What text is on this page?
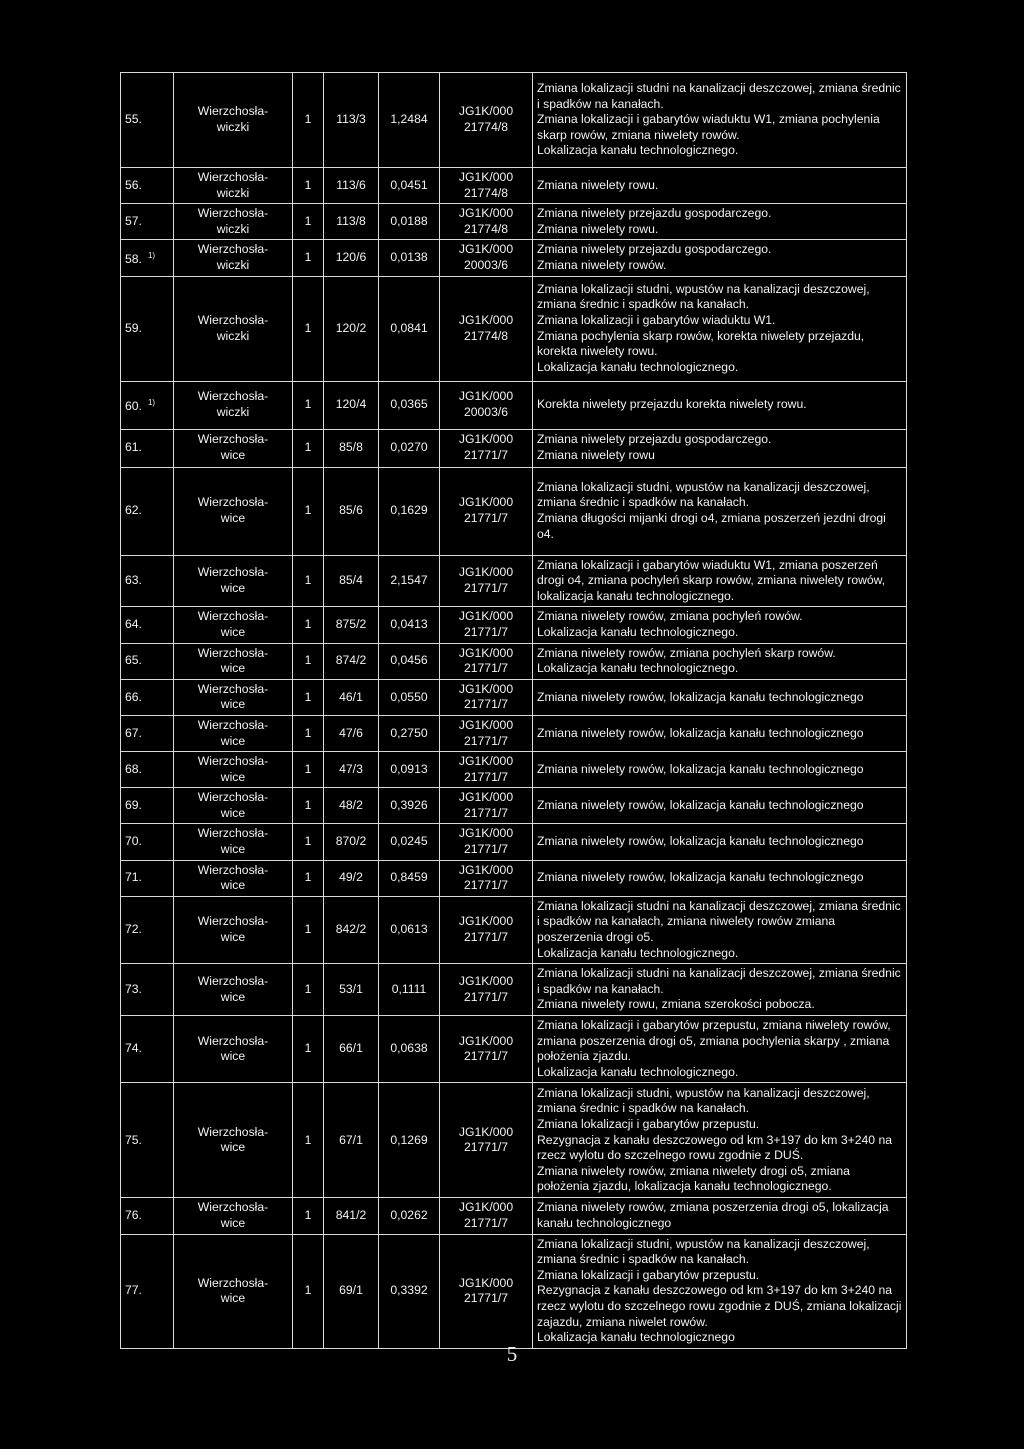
55.	Wierzchosła-
wiczki	1	113/3	1,2484	JG1K/000
21774/8	Zmiana lokalizacji studni na kanalizacji deszczowej, zmiana średnic i spadków na kanałach.
Zmiana lokalizacji i gabarytów wiaduktu W1, zmiana pochylenia skarp rowów, zmiana niwelety rowów.
Lokalizacja kanału technologicznego.

56.	Wierzchosła-
wiczki	1	113/6	0,0451	JG1K/000
21774/8	Zmiana niwelety rowu.

57.	Wierzchosła-
wiczki	1	113/8	0,0188	JG1K/000
21774/8	Zmiana niwelety przejazdu gospodarczego.
Zmiana niwelety rowu.

58. $^{1)}$	Wierzchosła-
wiczki	1	120/6	0,0138	JG1K/000
20003/6	Zmiana niwelety przejazdu gospodarczego.
Zmiana niwelety rowów.

59.	Wierzchosła-
wiczki	1	120/2	0,0841	JG1K/000
21774/8	Zmiana lokalizacji studni, wpustów na kanalizacji deszczowej, zmiana średnic i spadków na kanałach.
Zmiana lokalizacji i gabarytów wiaduktu W1.
Zmiana pochylenia skarp rowów, korekta niwelety przejazdu, korekta niwelety rowu.
Lokalizacja kanału technologicznego.

60. $^{1)}$	Wierzchosła-
wiczki	1	120/4	0,0365	JG1K/000
20003/6	Korekta niwelety przejazdu korekta niwelety rowu.

61.	Wierzchosła-
wice	1	85/8	0,0270	JG1K/000
21771/7	Zmiana niwelety przejazdu gospodarczego.
Zmiana niwelety rowu

62.	Wierzchosła-
wice	1	85/6	0,1629	JG1K/000
21771/7	Zmiana lokalizacji studni, wpustów na kanalizacji deszczowej, zmiana średnic i spadków na kanałach.
Zmiana długości mijanki drogi o4, zmiana poszerzeń jezdni drogi o4.

63.	Wierzchosła-
wice	1	85/4	2,1547	JG1K/000
21771/7	Zmiana lokalizacji i gabarytów wiaduktu W1, zmiana poszerzeń drogi o4, zmiana pochyleń skarp rowów, zmiana niwelety rowów, lokalizacja kanału technologicznego.

64.	Wierzchosła-
wice	1	875/2	0,0413	JG1K/000
21771/7	Zmiana niwelety rowów, zmiana pochyleń rowów.
Lokalizacja kanału technologicznego.

65.	Wierzchosła-
wice	1	874/2	0,0456	JG1K/000
21771/7	Zmiana niwelety rowów, zmiana pochyleń skarp rowów.
Lokalizacja kanału technologicznego.

66.	Wierzchosła-
wice	1	46/1	0,0550	JG1K/000
21771/7	Zmiana niwelety rowów, lokalizacja kanału technologicznego

67.	Wierzchosła-
wice	1	47/6	0,2750	JG1K/000
21771/7	Zmiana niwelety rowów, lokalizacja kanału technologicznego

68.	Wierzchosła-
wice	1	47/3	0,0913	JG1K/000
21771/7	Zmiana niwelety rowów, lokalizacja kanału technologicznego

69.	Wierzchosła-
wice	1	48/2	0,3926	JG1K/000
21771/7	Zmiana niwelety rowów, lokalizacja kanału technologicznego

70.	Wierzchosła-
wice	1	870/2	0,0245	JG1K/000
21771/7	Zmiana niwelety rowów, lokalizacja kanału technologicznego

71.	Wierzchosła-
wice	1	49/2	0,8459	JG1K/000
21771/7	Zmiana niwelety rowów, lokalizacja kanału technologicznego

72.	Wierzchosła-
wice	1	842/2	0,0613	JG1K/000
21771/7	Zmiana lokalizacji studni na kanalizacji deszczowej, zmiana średnic i spadków na kanałach, zmiana niwelety rowów zmiana poszerzenia drogi o5.
Lokalizacja kanału technologicznego.

73.	Wierzchosła-
wice	1	53/1	0,1111	JG1K/000
21771/7	Zmiana lokalizacji studni na kanalizacji deszczowej, zmiana średnic i spadków na kanałach.
Zmiana niwelety rowu, zmiana szerokości pobocza.

74.	Wierzchosła-
wice	1	66/1	0,0638	JG1K/000
21771/7	Zmiana lokalizacji i gabarytów przepustu, zmiana niwelety rowów, zmiana poszerzenia drogi o5, zmiana pochylenia skarpy , zmiana położenia zjazdu.
Lokalizacja kanału technologicznego.

75.	Wierzchosła-
wice	1	67/1	0,1269	JG1K/000
21771/7	Zmiana lokalizacji studni, wpustów na kanalizacji deszczowej, zmiana średnic i spadków na kanałach.
Zmiana lokalizacji i gabarytów przepustu.
Rezygnacja z kanału deszczowego od km 3+197 do km 3+240 na rzecz wylotu do szczelnego rowu zgodnie z DUŚ.
Zmiana niwelety rowów, zmiana niwelety drogi o5, zmiana położenia zjazdu, lokalizacja kanału technologicznego.

76.	Wierzchosła-
wice	1	841/2	0,0262	JG1K/000
21771/7	Zmiana niwelety rowów, zmiana poszerzenia drogi o5, lokalizacja kanału technologicznego

77.	Wierzchosła-
wice	1	69/1	0,3392	JG1K/000
21771/7	Zmiana lokalizacji studni, wpustów na kanalizacji deszczowej, zmiana średnic i spadków na kanałach.
Zmiana lokalizacji i gabarytów przepustu.
Rezygnacja z kanału deszczowego od km 3+197 do km 3+240 na rzecz wylotu do szczelnego rowu zgodnie z DUŚ, zmiana lokalizacji zajazdu, zmiana niwelet rowów.
Lokalizacja kanału technologicznego
5
